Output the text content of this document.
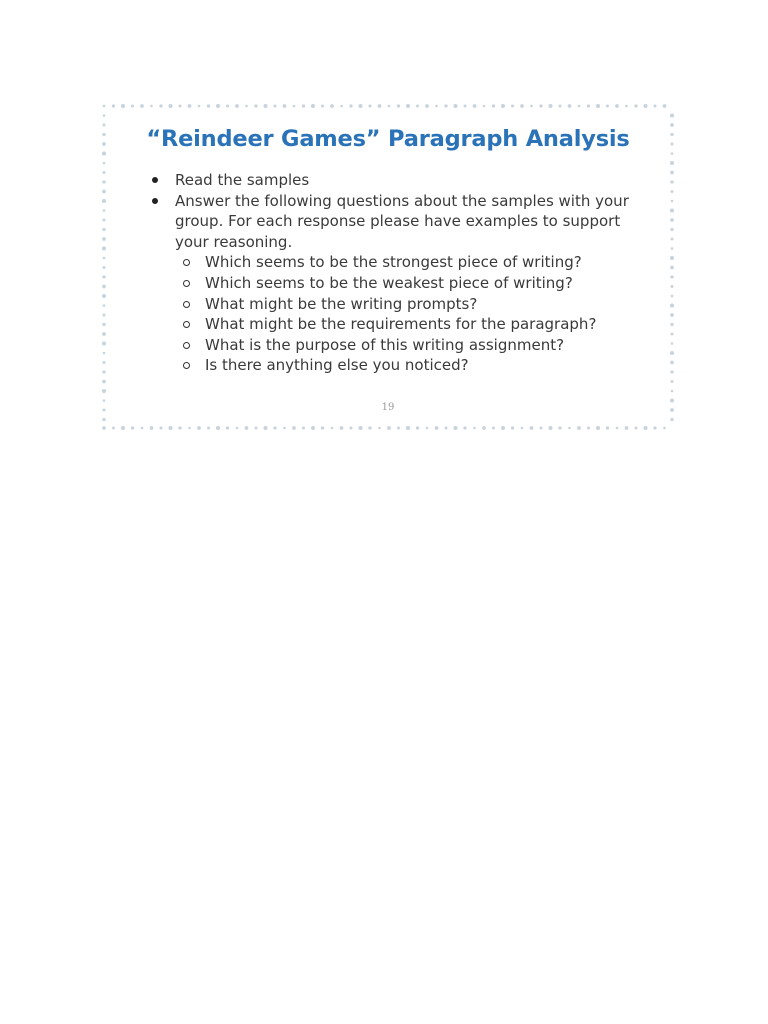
“Reindeer Games” Paragraph Analysis
Read the samples
Answer the following questions about the samples with your group. For each response please have examples to support your reasoning.
Which seems to be the strongest piece of writing?
Which seems to be the weakest piece of writing?
What might be the writing prompts?
What might be the requirements for the paragraph?
What is the purpose of this writing assignment?
Is there anything else you noticed?
19
